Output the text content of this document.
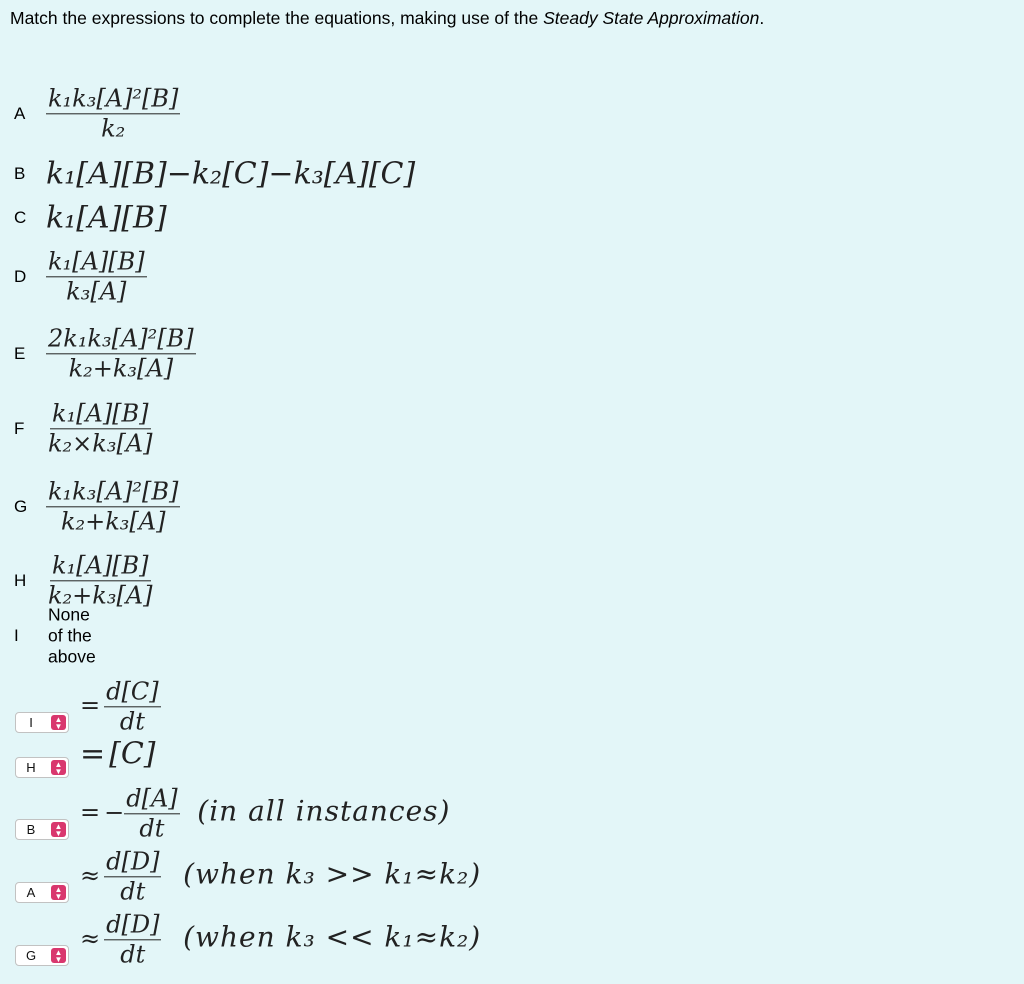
Match the expressions to complete the equations, making use of the Steady State Approximation.
A $\frac{\text{k₁k₃[A]²[B]}}{\text{k₂}}$
B k₁[A][B]−k₂[C]−k₃[A][C]
C k₁[A][B]
D $\frac{\text{k₁[A][B]}}{\text{k₃[A]}}$
E $\frac{\text{2k₁k₃[A]²[B]}}{\text{k₂+k₃[A]}}$
F $\frac{\text{k₁[A][B]}}{\text{k₂×k₃[A]}}$
G $\frac{\text{k₁k₃[A]²[B]}}{\text{k₂+k₃[A]}}$
H $\frac{\text{k₁[A][B]}}{\text{k₂+k₃[A]}}$
I
None of the above
I	▲
▼
= $\frac{d[C]}{dt}$
H	▲
▼ = [C]
B	▲
▼
= − $\frac{d[A]}{dt} (in$ all instances)
A	▲
▼
≈ $\frac{d[D]}{dt}$ (when k₃ >> k₁≈k₂)
G	▲
▼
≈ $\frac{d[D]}{dt}$ (when k₃ << k₁≈k₂)
